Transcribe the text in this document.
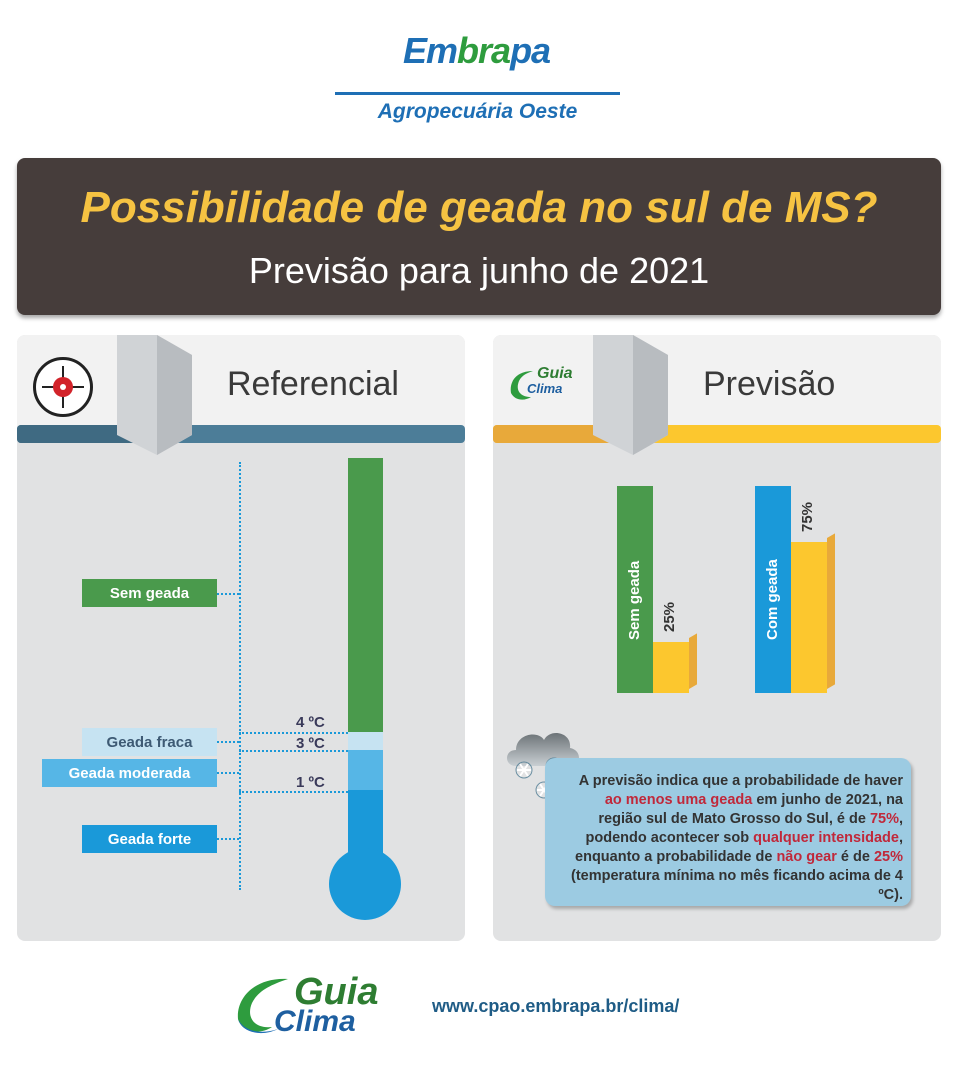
Embrapa
Agropecuária Oeste
Possibilidade de geada no sul de MS?
Previsão para junho de 2021
Referencial
Sem geada
Geada fraca
Geada moderada
Geada forte
4 ºC
3 ºC
1 ºC
Guia
Clima	Previsão
Sem geada 25%	Com geada
75%
A previsão indica que a probabilidade de haver ao menos uma geada em junho de 2021, na região sul de Mato Grosso do Sul, é de 75%, podendo acontecer sob qualquer intensidade, enquanto a probabilidade de não gear é de 25% (temperatura mínima no mês ficando acima de 4 ºC).
Guia
Clima	www.cpao.embrapa.br/clima/
